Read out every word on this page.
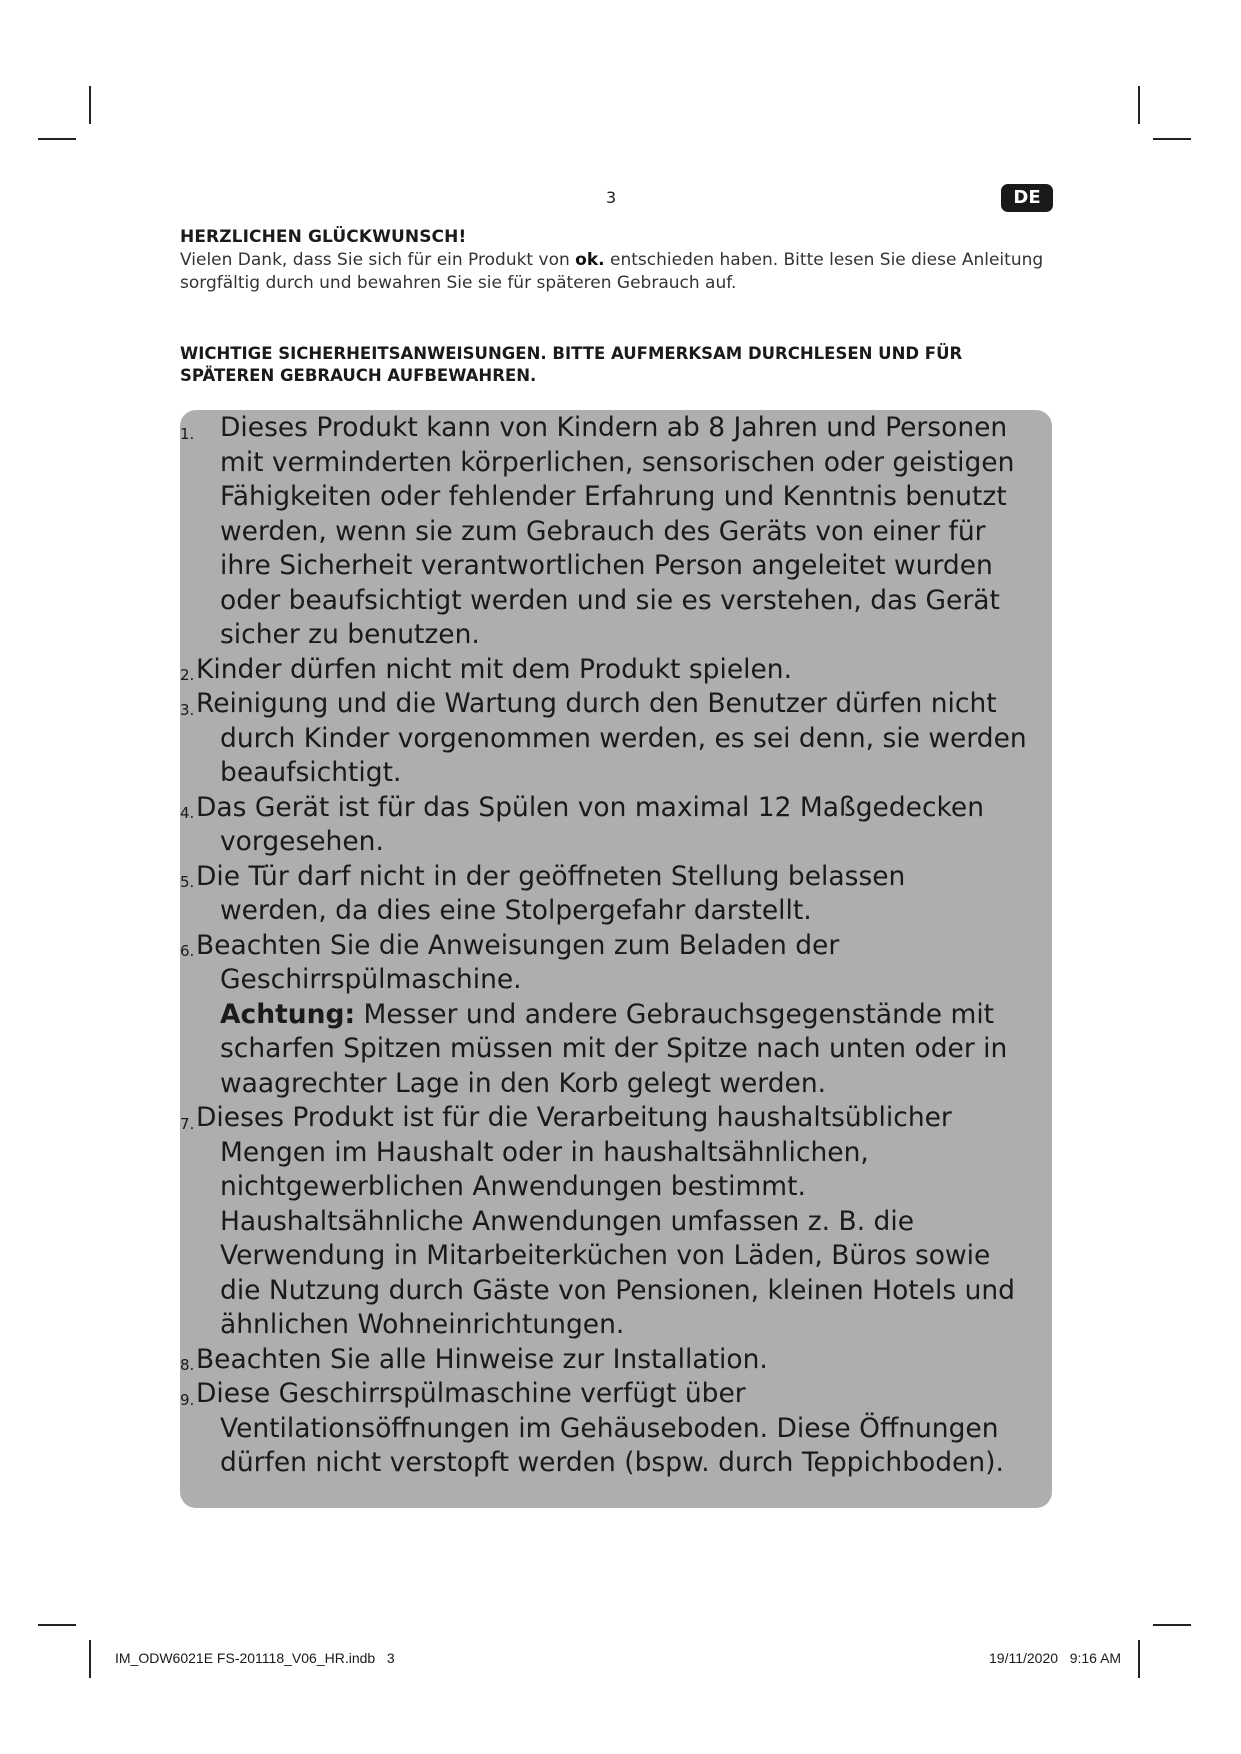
3	DE
HERZLICHEN GLÜCKWUNSCH!

Vielen Dank, dass Sie sich für ein Produkt von ok. entschieden haben. Bitte lesen Sie diese Anleitung
sorgfältig durch und bewahren Sie sie für späteren Gebrauch auf.

WICHTIGE SICHERHEITSANWEISUNGEN. BITTE AUFMERKSAM DURCHLESEN UND FÜR
SPÄTEREN GEBRAUCH AUFBEWAHREN.
1. Dieses Produkt kann von Kindern ab 8 Jahren und Personen
mit verminderten körperlichen, sensorischen oder geistigen
Fähigkeiten oder fehlender Erfahrung und Kenntnis benutzt
werden, wenn sie zum Gebrauch des Geräts von einer für
ihre Sicherheit verantwortlichen Person angeleitet wurden
oder beaufsichtigt werden und sie es verstehen, das Gerät
sicher zu benutzen.
2. Kinder dürfen nicht mit dem Produkt spielen.
3. Reinigung und die Wartung durch den Benutzer dürfen nicht
durch Kinder vorgenommen werden, es sei denn, sie werden
beaufsichtigt.
4. Das Gerät ist für das Spülen von maximal 12 Maßgedecken
vorgesehen.
5. Die Tür darf nicht in der geöffneten Stellung belassen
werden, da dies eine Stolpergefahr darstellt.
6. Beachten Sie die Anweisungen zum Beladen der
Geschirrspülmaschine.
Achtung: Messer und andere Gebrauchsgegenstände mit
scharfen Spitzen müssen mit der Spitze nach unten oder in
waagrechter Lage in den Korb gelegt werden.
7. Dieses Produkt ist für die Verarbeitung haushaltsüblicher
Mengen im Haushalt oder in haushaltsähnlichen,
nichtgewerblichen Anwendungen bestimmt.
Haushaltsähnliche Anwendungen umfassen z. B. die
Verwendung in Mitarbeiterküchen von Läden, Büros sowie
die Nutzung durch Gäste von Pensionen, kleinen Hotels und
ähnlichen Wohneinrichtungen.
8. Beachten Sie alle Hinweise zur Installation.
9. Diese Geschirrspülmaschine verfügt über
Ventilationsöffnungen im Gehäuseboden. Diese Öffnungen
dürfen nicht verstopft werden (bspw. durch Teppichboden).
IM_ODW6021E FS-201118_V06_HR.indb   3	19/11/2020   9:16 AM
